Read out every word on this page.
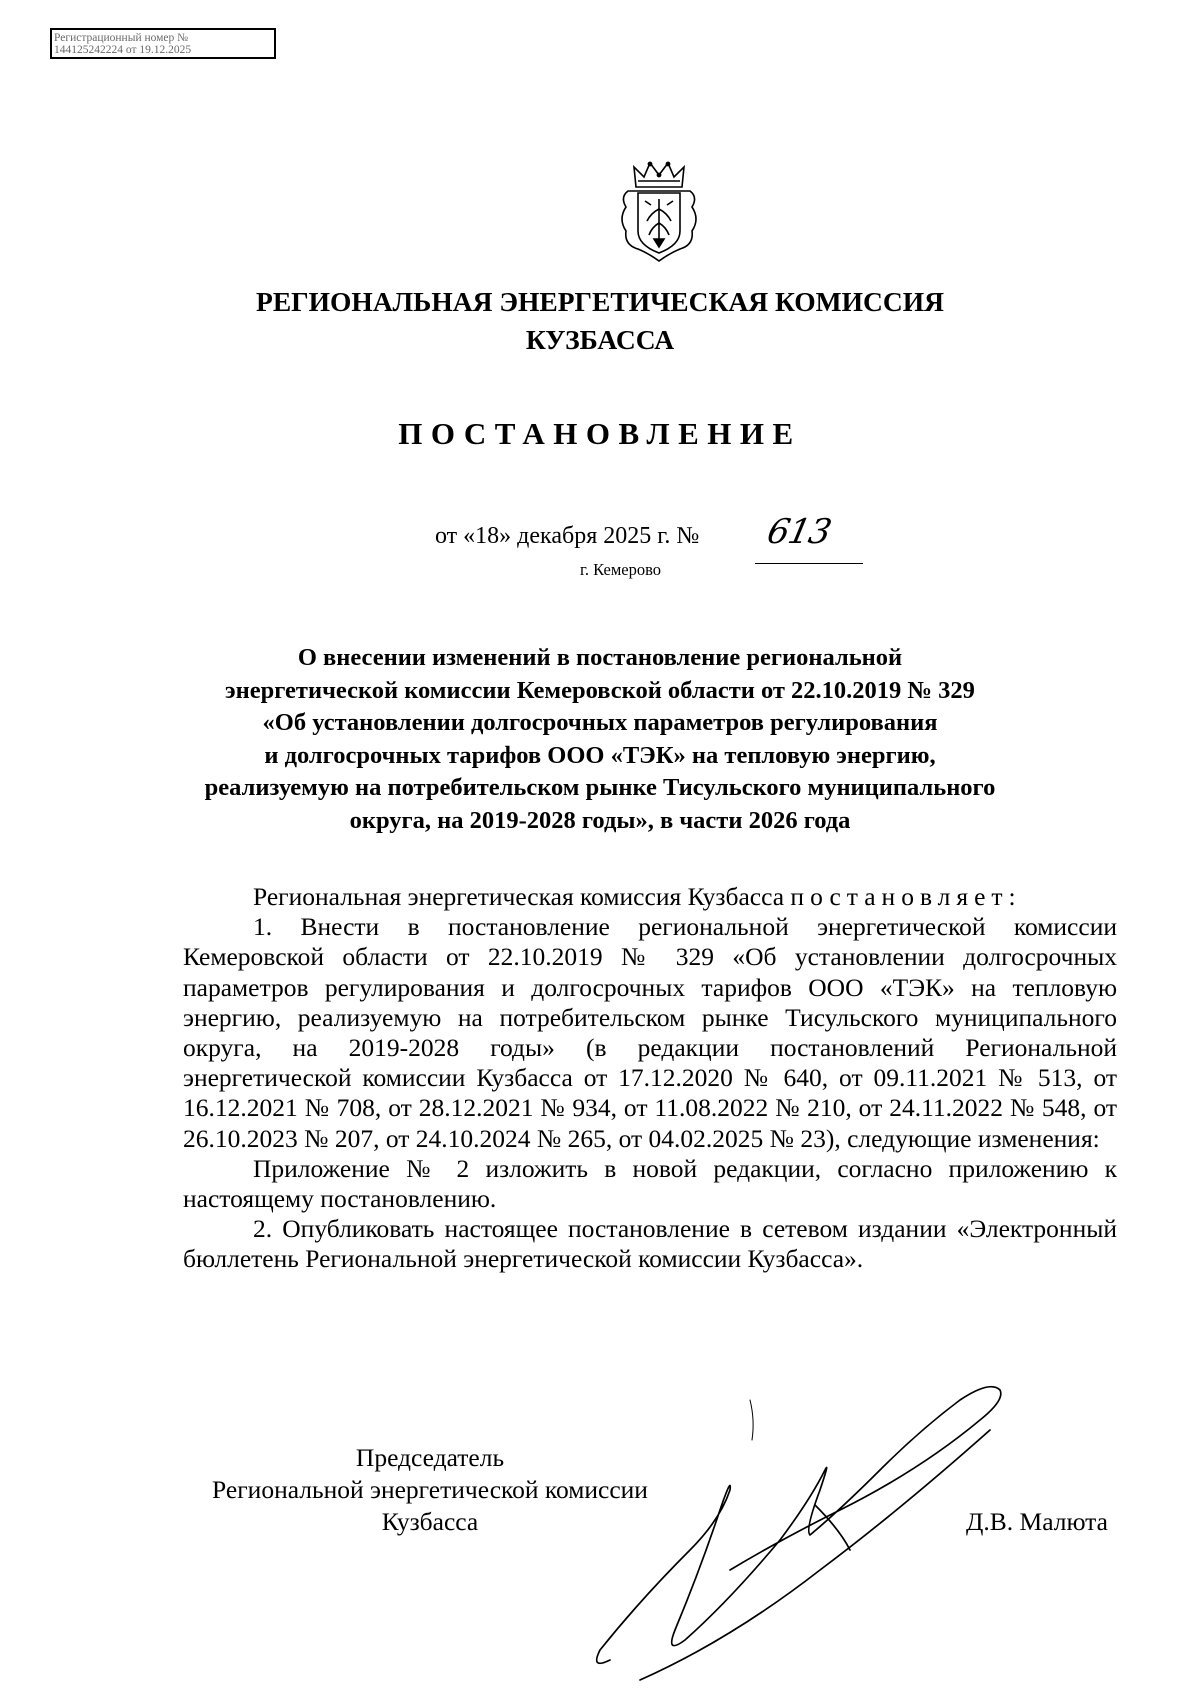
Регистрационный номер №
144125242224 от 19.12.2025
РЕГИОНАЛЬНАЯ ЭНЕРГЕТИЧЕСКАЯ КОМИССИЯ
КУЗБАССА
ПОСТАНОВЛЕНИЕ
от «18» декабря 2025 г. № 613
г. Кемерово
О внесении изменений в постановление региональной
энергетической комиссии Кемеровской области от 22.10.2019 № 329
«Об установлении долгосрочных параметров регулирования
и долгосрочных тарифов ООО «ТЭК» на тепловую энергию,
реализуемую на потребительском рынке Тисульского муниципального
округа, на 2019-2028 годы», в части 2026 года

Региональная энергетическая комиссия Кузбасса постановляет:

1. Внести в постановление региональной энергетической комиссии Кемеровской области от 22.10.2019 № 329 «Об установлении долгосрочных параметров регулирования и долгосрочных тарифов ООО «ТЭК» на тепловую энергию, реализуемую на потребительском рынке Тисульского муниципального округа, на 2019-2028 годы» (в редакции постановлений Региональной энергетической комиссии Кузбасса от 17.12.2020 № 640, от 09.11.2021 № 513, от 16.12.2021 № 708, от 28.12.2021 № 934, от 11.08.2022 № 210, от 24.11.2022 № 548, от 26.10.2023 № 207, от 24.10.2024 № 265, от 04.02.2025 № 23), следующие изменения:

Приложение № 2 изложить в новой редакции, согласно приложению к настоящему постановлению.

2. Опубликовать настоящее постановление в сетевом издании «Электронный бюллетень Региональной энергетической комиссии Кузбасса».

Председатель
Региональной энергетической комиссии
Кузбасса	Д.В. Малюта
